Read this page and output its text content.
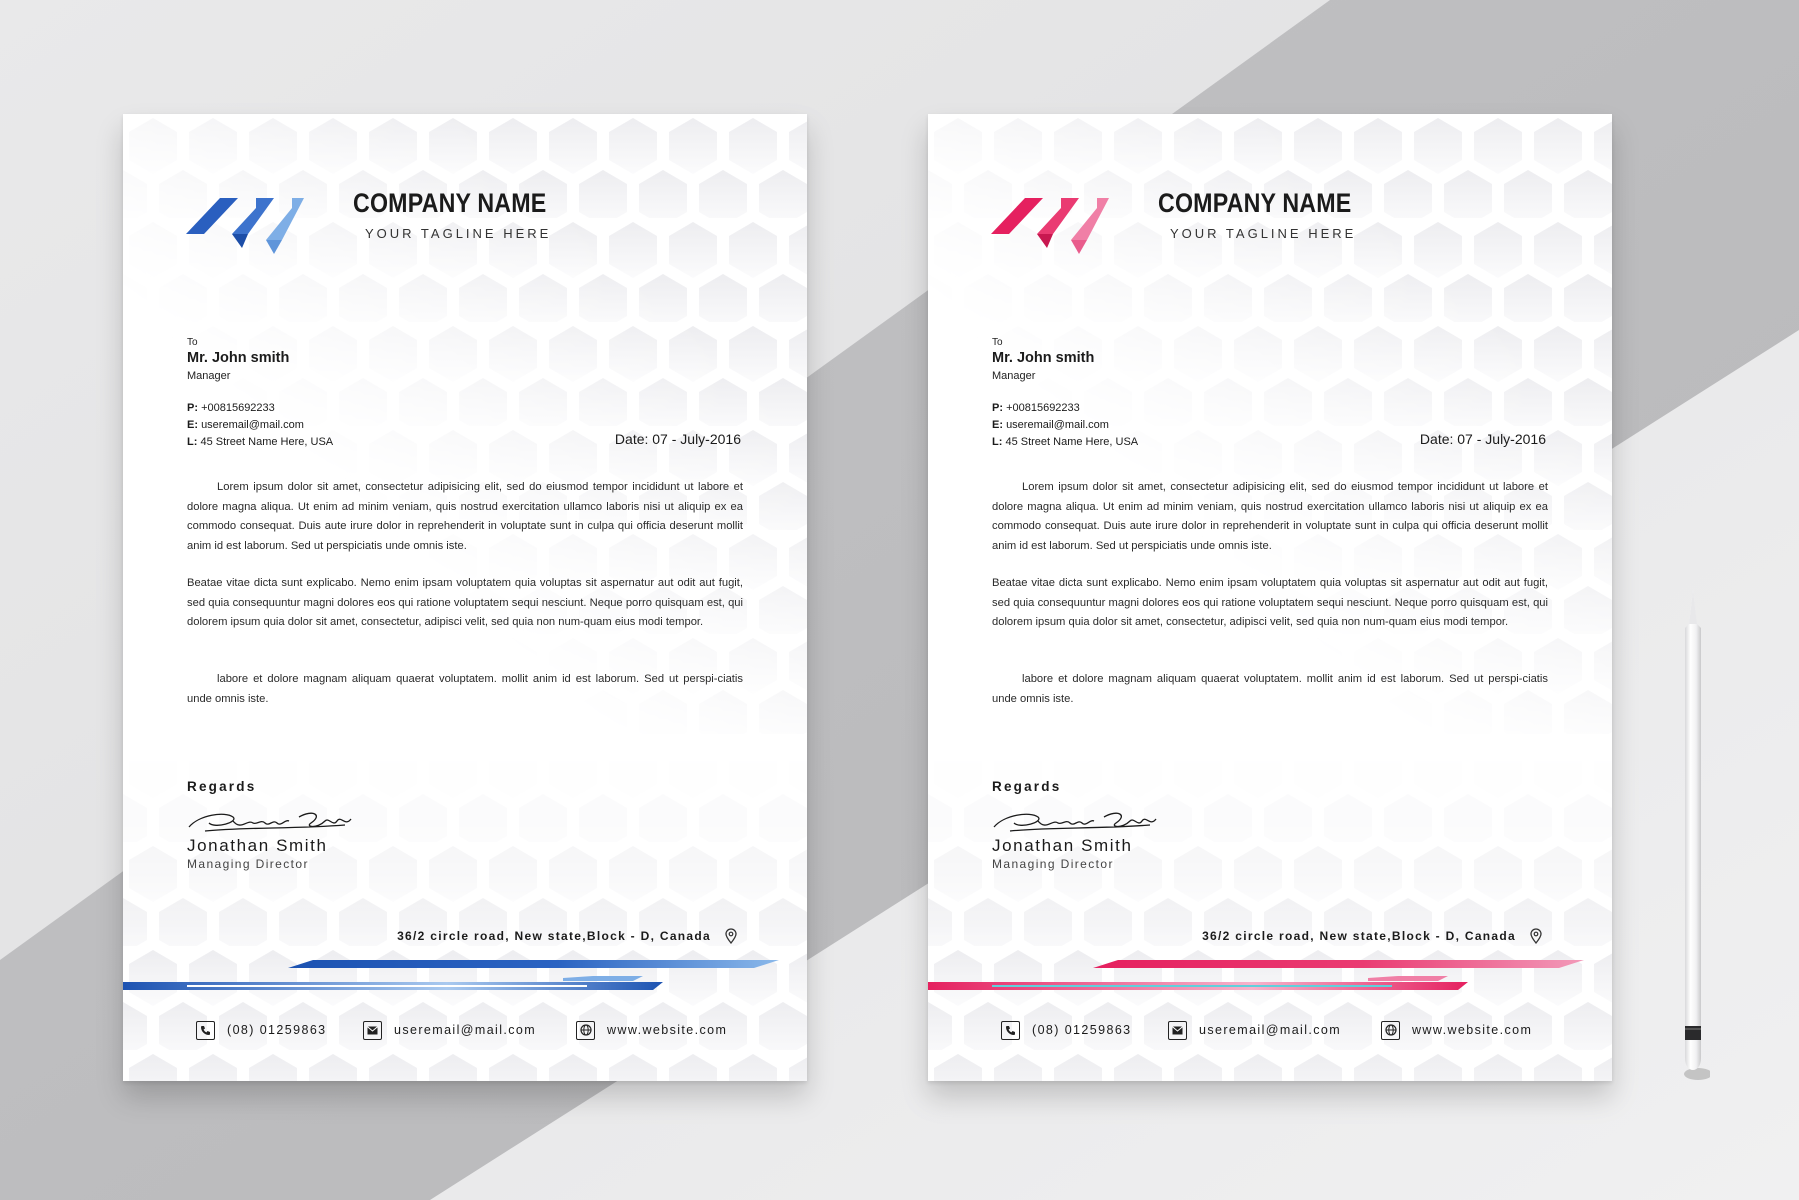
COMPANY NAME
YOUR TAGLINE HERE
To
Mr. John smith
Manager
P: +00815692233
E: useremail@mail.com
L: 45 Street Name Here, USA	Date: 07 - July-2016

Lorem ipsum dolor sit amet, consectetur adipisicing elit, sed do eiusmod tempor incididunt ut labore et dolore magna aliqua. Ut enim ad minim veniam, quis nostrud exercitation ullamco laboris nisi ut aliquip ex ea commodo consequat. Duis aute irure dolor in reprehenderit in voluptate sunt in culpa qui officia deserunt mollit anim id est laborum. Sed ut perspiciatis unde omnis iste.

Beatae vitae dicta sunt explicabo. Nemo enim ipsam voluptatem quia voluptas sit aspernatur aut odit aut fugit, sed quia consequuntur magni dolores eos qui ratione voluptatem sequi nesciunt. Neque porro quisquam est, qui dolorem ipsum quia dolor sit amet, consectetur, adipisci velit, sed quia non num-quam eius modi tempor.

labore et dolore magnam aliquam quaerat voluptatem. mollit anim id est laborum. Sed ut perspi-ciatis unde omnis iste.

Regards
Jonathan Smith
Managing Director
36/2 circle road, New state,Block - D, Canada
(08) 01259863	useremail@mail.com	www.website.com
COMPANY NAME
YOUR TAGLINE HERE
To
Mr. John smith
Manager
P: +00815692233
E: useremail@mail.com
L: 45 Street Name Here, USA	Date: 07 - July-2016

Lorem ipsum dolor sit amet, consectetur adipisicing elit, sed do eiusmod tempor incididunt ut labore et dolore magna aliqua. Ut enim ad minim veniam, quis nostrud exercitation ullamco laboris nisi ut aliquip ex ea commodo consequat. Duis aute irure dolor in reprehenderit in voluptate sunt in culpa qui officia deserunt mollit anim id est laborum. Sed ut perspiciatis unde omnis iste.

Beatae vitae dicta sunt explicabo. Nemo enim ipsam voluptatem quia voluptas sit aspernatur aut odit aut fugit, sed quia consequuntur magni dolores eos qui ratione voluptatem sequi nesciunt. Neque porro quisquam est, qui dolorem ipsum quia dolor sit amet, consectetur, adipisci velit, sed quia non num-quam eius modi tempor.

labore et dolore magnam aliquam quaerat voluptatem. mollit anim id est laborum. Sed ut perspi-ciatis unde omnis iste.

Regards
Jonathan Smith
Managing Director
36/2 circle road, New state,Block - D, Canada
(08) 01259863	useremail@mail.com	www.website.com
